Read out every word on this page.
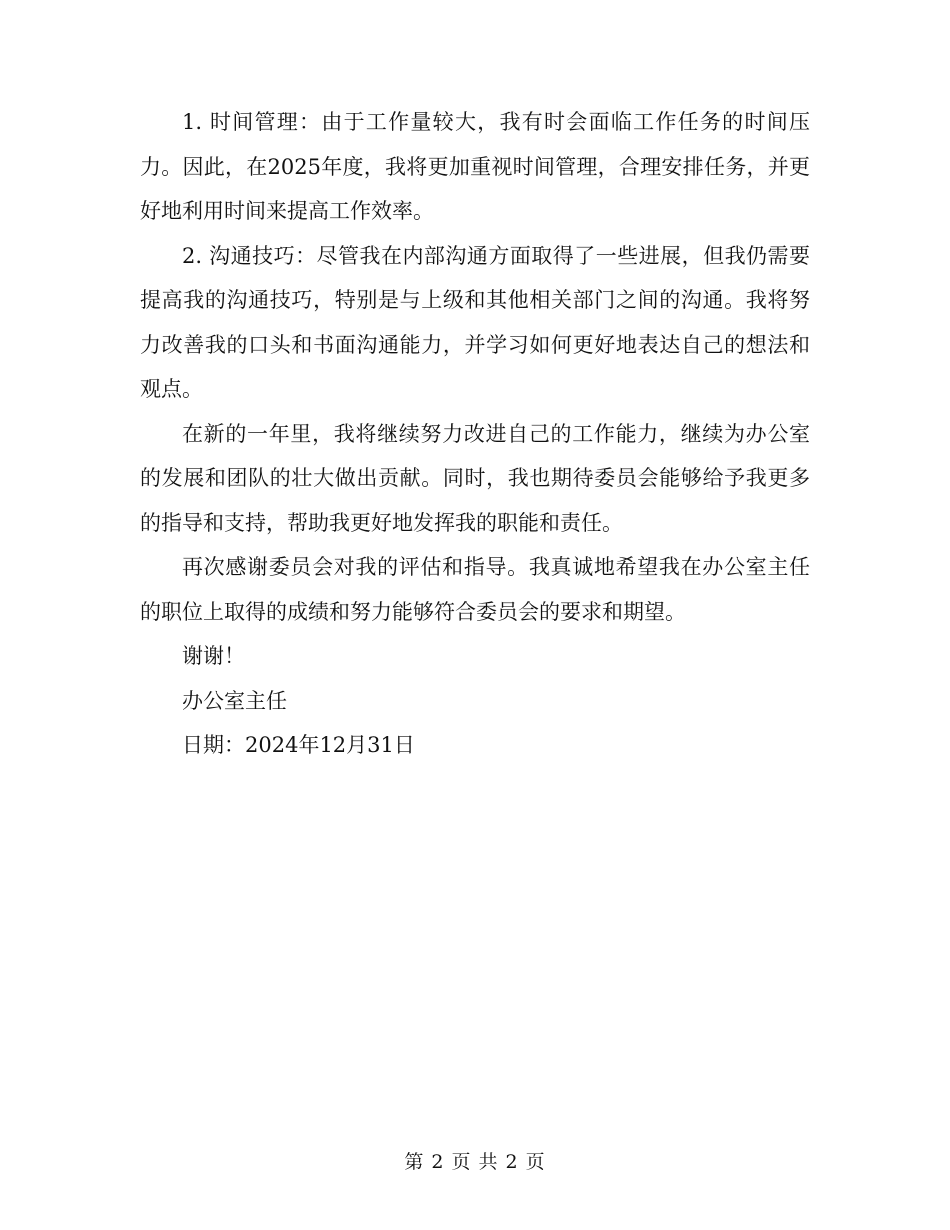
1. 时间管理：由于工作量较大，我有时会面临工作任务的时间压力。因此，在2025年度，我将更加重视时间管理，合理安排任务，并更好地利用时间来提高工作效率。

2. 沟通技巧：尽管我在内部沟通方面取得了一些进展，但我仍需要提高我的沟通技巧，特别是与上级和其他相关部门之间的沟通。我将努力改善我的口头和书面沟通能力，并学习如何更好地表达自己的想法和观点。

在新的一年里，我将继续努力改进自己的工作能力，继续为办公室的发展和团队的壮大做出贡献。同时，我也期待委员会能够给予我更多的指导和支持，帮助我更好地发挥我的职能和责任。

再次感谢委员会对我的评估和指导。我真诚地希望我在办公室主任的职位上取得的成绩和努力能够符合委员会的要求和期望。

谢谢！

办公室主任

日期：2024年12月31日

第 2 页 共 2 页
